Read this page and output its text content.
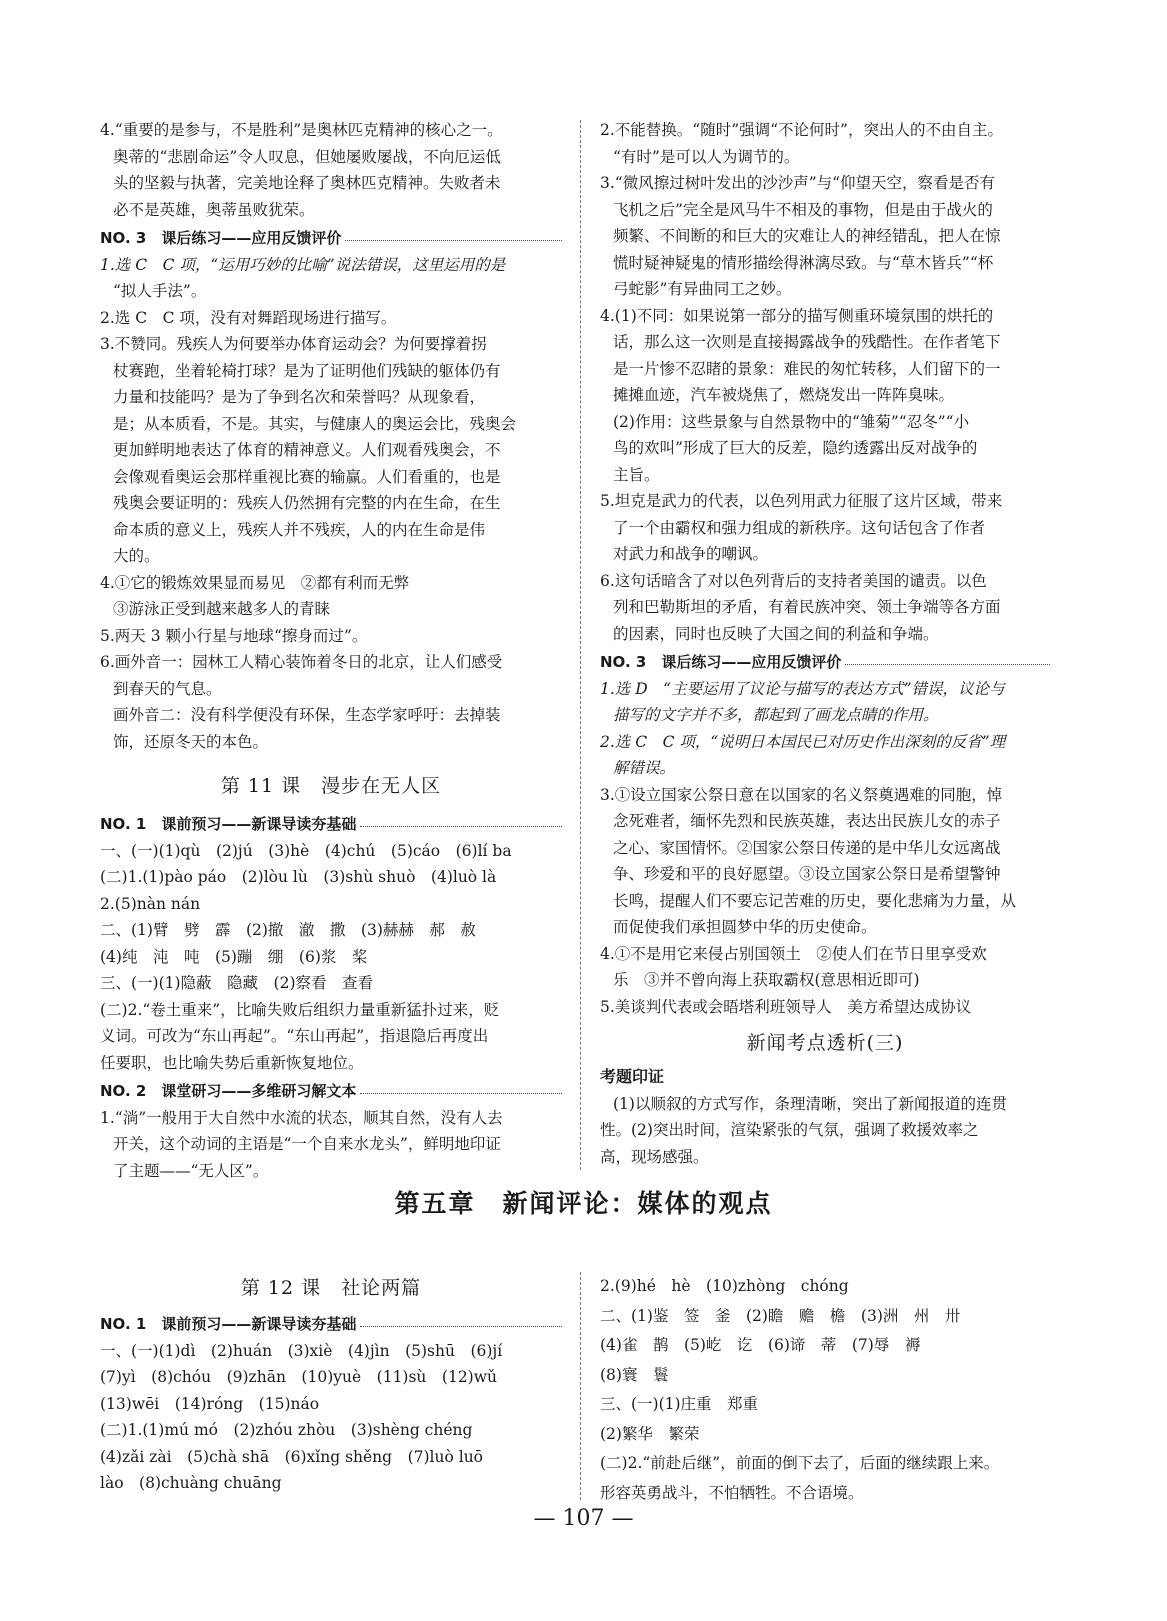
4.“重要的是参与，不是胜利”是奥林匹克精神的核心之一。

奥蒂的“悲剧命运”令人叹息，但她屡败屡战，不向厄运低

头的坚毅与执著，完美地诠释了奥林匹克精神。失败者未

必不是英雄，奥蒂虽败犹荣。

NO. 3　课后练习——应用反馈评价

1.选 C　C 项，“运用巧妙的比喻”说法错误，这里运用的是

“拟人手法”。

2.选 C　C 项，没有对舞蹈现场进行描写。

3.不赞同。残疾人为何要举办体育运动会？为何要撑着拐

杖赛跑，坐着轮椅打球？是为了证明他们残缺的躯体仍有

力量和技能吗？是为了争到名次和荣誉吗？从现象看，

是；从本质看，不是。其实，与健康人的奥运会比，残奥会

更加鲜明地表达了体育的精神意义。人们观看残奥会，不

会像观看奥运会那样重视比赛的输赢。人们看重的，也是

残奥会要证明的：残疾人仍然拥有完整的内在生命，在生

命本质的意义上，残疾人并不残疾，人的内在生命是伟

大的。

4.①它的锻炼效果显而易见　②都有利而无弊

③游泳正受到越来越多人的青睐

5.两天 3 颗小行星与地球“擦身而过”。

6.画外音一：园林工人精心装饰着冬日的北京，让人们感受

到春天的气息。

画外音二：没有科学便没有环保，生态学家呼吁：去掉装

饰，还原冬天的本色。

第 11 课　漫步在无人区
NO. 1　课前预习——新课导读夯基础

一、(一)(1)qù　(2)jú　(3)hè　(4)chú　(5)cáo　(6)lí ba

(二)1.(1)pào páo　(2)lòu lù　(3)shù shuò　(4)luò là

2.(5)nàn nán

二、(1)臂　劈　霹　(2)撤　澈　撒　(3)赫赫　郝　赦

(4)纯　沌　吨　(5)蹦　绷　(6)浆　桨

三、(一)(1)隐蔽　隐藏　(2)察看　查看

(二)2.“卷土重来”，比喻失败后组织力量重新猛扑过来，贬

义词。可改为“东山再起”。“东山再起”，指退隐后再度出

任要职，也比喻失势后重新恢复地位。

NO. 2　课堂研习——多维研习解文本

1.“淌”一般用于大自然中水流的状态，顺其自然，没有人去

开关，这个动词的主语是“一个自来水龙头”，鲜明地印证

了主题——“无人区”。

2.不能替换。“随时”强调“不论何时”，突出人的不由自主。

“有时”是可以人为调节的。

3.“微风擦过树叶发出的沙沙声”与“仰望天空，察看是否有

飞机之后”完全是风马牛不相及的事物，但是由于战火的

频繁、不间断的和巨大的灾难让人的神经错乱，把人在惊

慌时疑神疑鬼的情形描绘得淋漓尽致。与“草木皆兵”“杯

弓蛇影”有异曲同工之妙。

4.(1)不同：如果说第一部分的描写侧重环境氛围的烘托的

话，那么这一次则是直接揭露战争的残酷性。在作者笔下

是一片惨不忍睹的景象：难民的匆忙转移，人们留下的一

摊摊血迹，汽车被烧焦了，燃烧发出一阵阵臭味。

(2)作用：这些景象与自然景物中的“雏菊”“忍冬”“小

鸟的欢叫”形成了巨大的反差，隐约透露出反对战争的

主旨。

5.坦克是武力的代表，以色列用武力征服了这片区域，带来

了一个由霸权和强力组成的新秩序。这句话包含了作者

对武力和战争的嘲讽。

6.这句话暗含了对以色列背后的支持者美国的谴责。以色

列和巴勒斯坦的矛盾，有着民族冲突、领土争端等各方面

的因素，同时也反映了大国之间的利益和争端。

NO. 3　课后练习——应用反馈评价

1.选 D　“主要运用了议论与描写的表达方式”错误，议论与

描写的文字并不多，都起到了画龙点睛的作用。

2.选 C　C 项，“说明日本国民已对历史作出深刻的反省”理

解错误。

3.①设立国家公祭日意在以国家的名义祭奠遇难的同胞，悼

念死难者，缅怀先烈和民族英雄，表达出民族儿女的赤子

之心、家国情怀。②国家公祭日传递的是中华儿女远离战

争、珍爱和平的良好愿望。③设立国家公祭日是希望警钟

长鸣，提醒人们不要忘记苦难的历史，要化悲痛为力量，从

而促使我们承担圆梦中华的历史使命。

4.①不是用它来侵占别国领土　②使人们在节日里享受欢

乐　③并不曾向海上获取霸权(意思相近即可)

5.美谈判代表或会晤塔利班领导人　美方希望达成协议

新闻考点透析(三)
考题印证

(1)以顺叙的方式写作，条理清晰，突出了新闻报道的连贯

性。(2)突出时间，渲染紧张的气氛，强调了救援效率之

高，现场感强。

第五章　新闻评论：媒体的观点
第 12 课　社论两篇
NO. 1　课前预习——新课导读夯基础

一、(一)(1)dì　(2)huán　(3)xiè　(4)jìn　(5)shū　(6)jí

(7)yì　(8)chóu　(9)zhān　(10)yuè　(11)sù　(12)wǔ

(13)wēi　(14)róng　(15)náo

(二)1.(1)mú mó　(2)zhóu zhòu　(3)shèng chéng

(4)zǎi zài　(5)chà shā　(6)xǐng shěng　(7)luò luō

lào　(8)chuàng chuāng

2.(9)hé　hè　(10)zhòng　chóng

二、(1)鉴　签　釜　(2)瞻　赡　檐　(3)洲　州　卅

(4)雀　鹊　(5)屹　讫　(6)谛　蒂　(7)辱　褥

(8)寰　鬟

三、(一)(1)庄重　郑重

(2)繁华　繁荣

(二)2.“前赴后继”，前面的倒下去了，后面的继续跟上来。

形容英勇战斗，不怕牺牲。不合语境。

— 107 —
